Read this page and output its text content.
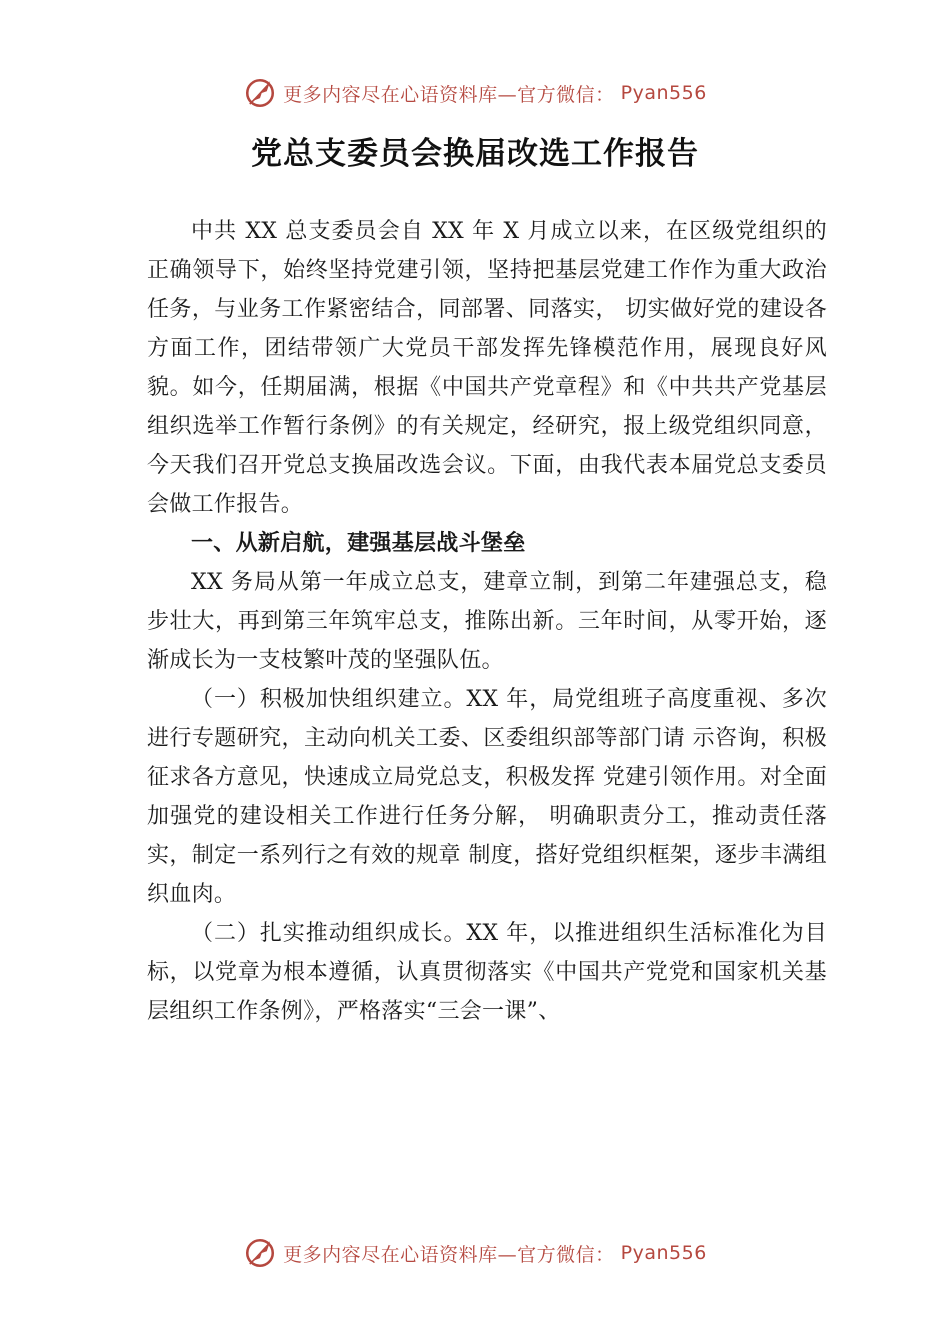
更多内容尽在心语资料库—官方微信： Pyan556
党总支委员会换届改选工作报告

中共 XX 总支委员会自 XX 年 X 月成立以来，在区级党组织的正确领导下，始终坚持党建引领，坚持把基层党建工作作为重大政治任务，与业务工作紧密结合，同部署、同落实， 切实做好党的建设各方面工作，团结带领广大党员干部发挥先锋模范作用，展现良好风貌。如今，任期届满，根据《中国共产党章程》和《中共共产党基层组织选举工作暂行条例》的有关规定，经研究，报上级党组织同意，今天我们召开党总支换届改选会议。下面，由我代表本届党总支委员会做工作报告。

一、从新启航，建强基层战斗堡垒

XX 务局从第一年成立总支，建章立制，到第二年建强总支，稳步壮大，再到第三年筑牢总支，推陈出新。三年时间，从零开始，逐渐成长为一支枝繁叶茂的坚强队伍。

（一）积极加快组织建立。XX 年，局党组班子高度重视、多次进行专题研究，主动向机关工委、区委组织部等部门请 示咨询，积极征求各方意见，快速成立局党总支，积极发挥 党建引领作用。对全面加强党的建设相关工作进行任务分解， 明确职责分工，推动责任落实，制定一系列行之有效的规章 制度，搭好党组织框架，逐步丰满组织血肉。

（二）扎实推动组织成长。XX 年，以推进组织生活标准化为目标，以党章为根本遵循，认真贯彻落实《中国共产党党和国家机关基层组织工作条例》，严格落实“三会一课”、

更多内容尽在心语资料库—官方微信： Pyan556
